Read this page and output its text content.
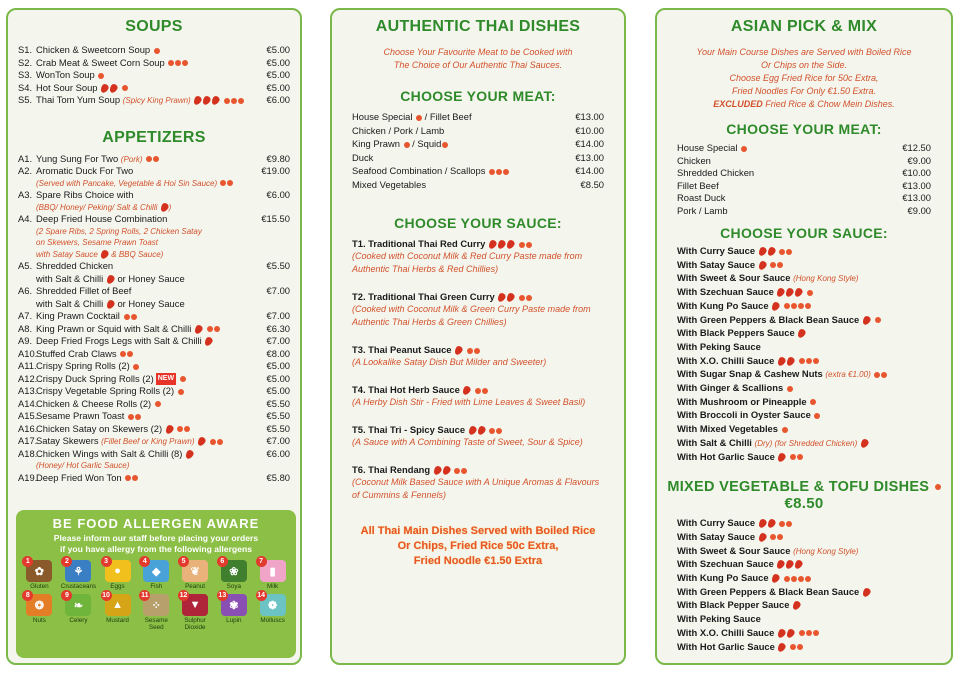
SOUPS
S1. Chicken & Sweetcorn Soup	€5.00
S2. Crab Meat & Sweet Corn Soup	€5.00
S3. WonTon Soup	€5.00
S4. Hot Sour Soup	€5.00
S5. Thai Tom Yum Soup (Spicy King Prawn)	€6.00
APPETIZERS
A1. Yung Sung For Two (Pork)	€9.80
A2. Aromatic Duck For Two	€19.00
(Served with Pancake, Vegetable & Hoi Sin Sauce)
A3. Spare Ribs Choice with	€6.00
(BBQ/ Honey/ Peking/ Salt & Chilli )
A4. Deep Fried House Combination	€15.50
(2 Spare Ribs, 2 Spring Rolls, 2 Chicken Satay
on Skewers, Sesame Prawn Toast
with Satay Sauce & BBQ Sauce)
A5. Shredded Chicken	€5.50
with Salt & Chilli or Honey Sauce
A6. Shredded Fillet of Beef	€7.00
with Salt & Chilli or Honey Sauce
A7. King Prawn Cocktail	€7.00
A8. King Prawn or Squid with Salt & Chilli	€6.30
A9. Deep Fried Frogs Legs with Salt & Chilli	€7.00
A10.Stuffed Crab Claws	€8.00
A11.Crispy Spring Rolls (2)	€5.00
A12.Crispy Duck Spring Rolls (2) NEW	€5.00
A13.Crispy Vegetable Spring Rolls (2)	€5.00
A14.Chicken & Cheese Rolls (2)	€5.50
A15.Sesame Prawn Toast	€5.50
A16.Chicken Satay on Skewers (2)	€5.50
A17.Satay Skewers (Fillet Beef or King Prawn)	€7.00
A18.Chicken Wings with Salt & Chilli (8)	€6.00
(Honey/ Hot Garlic Sauce)
A19.Deep Fried Won Ton	€5.80
BE FOOD ALLERGEN AWARE
Please inform our staff before placing your orders
if you have allergy from the following allergens
1
✿
Gluten
2
⚘
Crustaceans
3
●
Eggs
4
◆
Fish
5
❦
Peanut
6
❀
Soya
7
▮
Milk
8
❂
Nuts
9
❧
Celery
10
▲
Mustard
11
⁘
Sesame Seed
12
▼
Sulphur Dioxide
13
✾
Lupin
14
❁
Molluscs
AUTHENTIC THAI DISHES
Choose Your Favourite Meat to be Cooked with
The Choice of Our Authentic Thai Sauces.
CHOOSE YOUR MEAT:
House Special / Fillet Beef	€13.00
Chicken / Pork / Lamb	€10.00
King Prawn / Squid	€14.00
Duck	€13.00
Seafood Combination / Scallops	€14.00
Mixed Vegetables	€8.50
CHOOSE YOUR SAUCE:
T1. Traditional Thai Red Curry
(Cooked with Coconut Milk & Red Curry Paste made from
Authentic Thai Herbs & Red Chillies)
T2. Traditional Thai Green Curry
(Cooked with Coconut Milk & Green Curry Paste made from
Authentic Thai Herbs & Green Chillies)
T3. Thai Peanut Sauce
(A Lookalike Satay Dish But Milder and Sweeter)
T4. Thai Hot Herb Sauce
(A Herby Dish Stir - Fried with Lime Leaves & Sweet Basil)
T5. Thai Tri - Spicy Sauce
(A Sauce with A Combining Taste of Sweet, Sour & Spice)
T6. Thai Rendang
(Coconut Milk Based Sauce with A Unique Aromas & Flavours
of Cummins & Fennels)
All Thai Main Dishes Served with Boiled Rice
Or Chips, Fried Rice 50c Extra,
Fried Noodle €1.50 Extra
ASIAN PICK & MIX
Your Main Course Dishes are Served with Boiled Rice
Or Chips on the Side.
Choose Egg Fried Rice for 50c Extra,
Fried Noodles For Only €1.50 Extra.
EXCLUDED Fried Rice & Chow Mein Dishes.
CHOOSE YOUR MEAT:
House Special	€12.50
Chicken	€9.00
Shredded Chicken	€10.00
Fillet Beef	€13.00
Roast Duck	€13.00
Pork / Lamb	€9.00
CHOOSE YOUR SAUCE:
With Curry Sauce
With Satay Sauce
With Sweet & Sour Sauce (Hong Kong Style)
With Szechuan Sauce
With Kung Po Sauce
With Green Peppers & Black Bean Sauce
With Black Peppers Sauce
With Peking Sauce
With X.O. Chilli Sauce
With Sugar Snap & Cashew Nuts (extra €1.00)
With Ginger & Scallions
With Mushroom or Pineapple
With Broccoli in Oyster Sauce
With Mixed Vegetables
With Salt & Chilli (Dry) (for Shredded Chicken)
With Hot Garlic Sauce
MIXED VEGETABLE & TOFU DISHES
€8.50
With Curry Sauce
With Satay Sauce
With Sweet & Sour Sauce (Hong Kong Style)
With Szechuan Sauce
With Kung Po Sauce
With Green Peppers & Black Bean Sauce
With Black Pepper Sauce
With Peking Sauce
With X.O. Chilli Sauce
With Hot Garlic Sauce
